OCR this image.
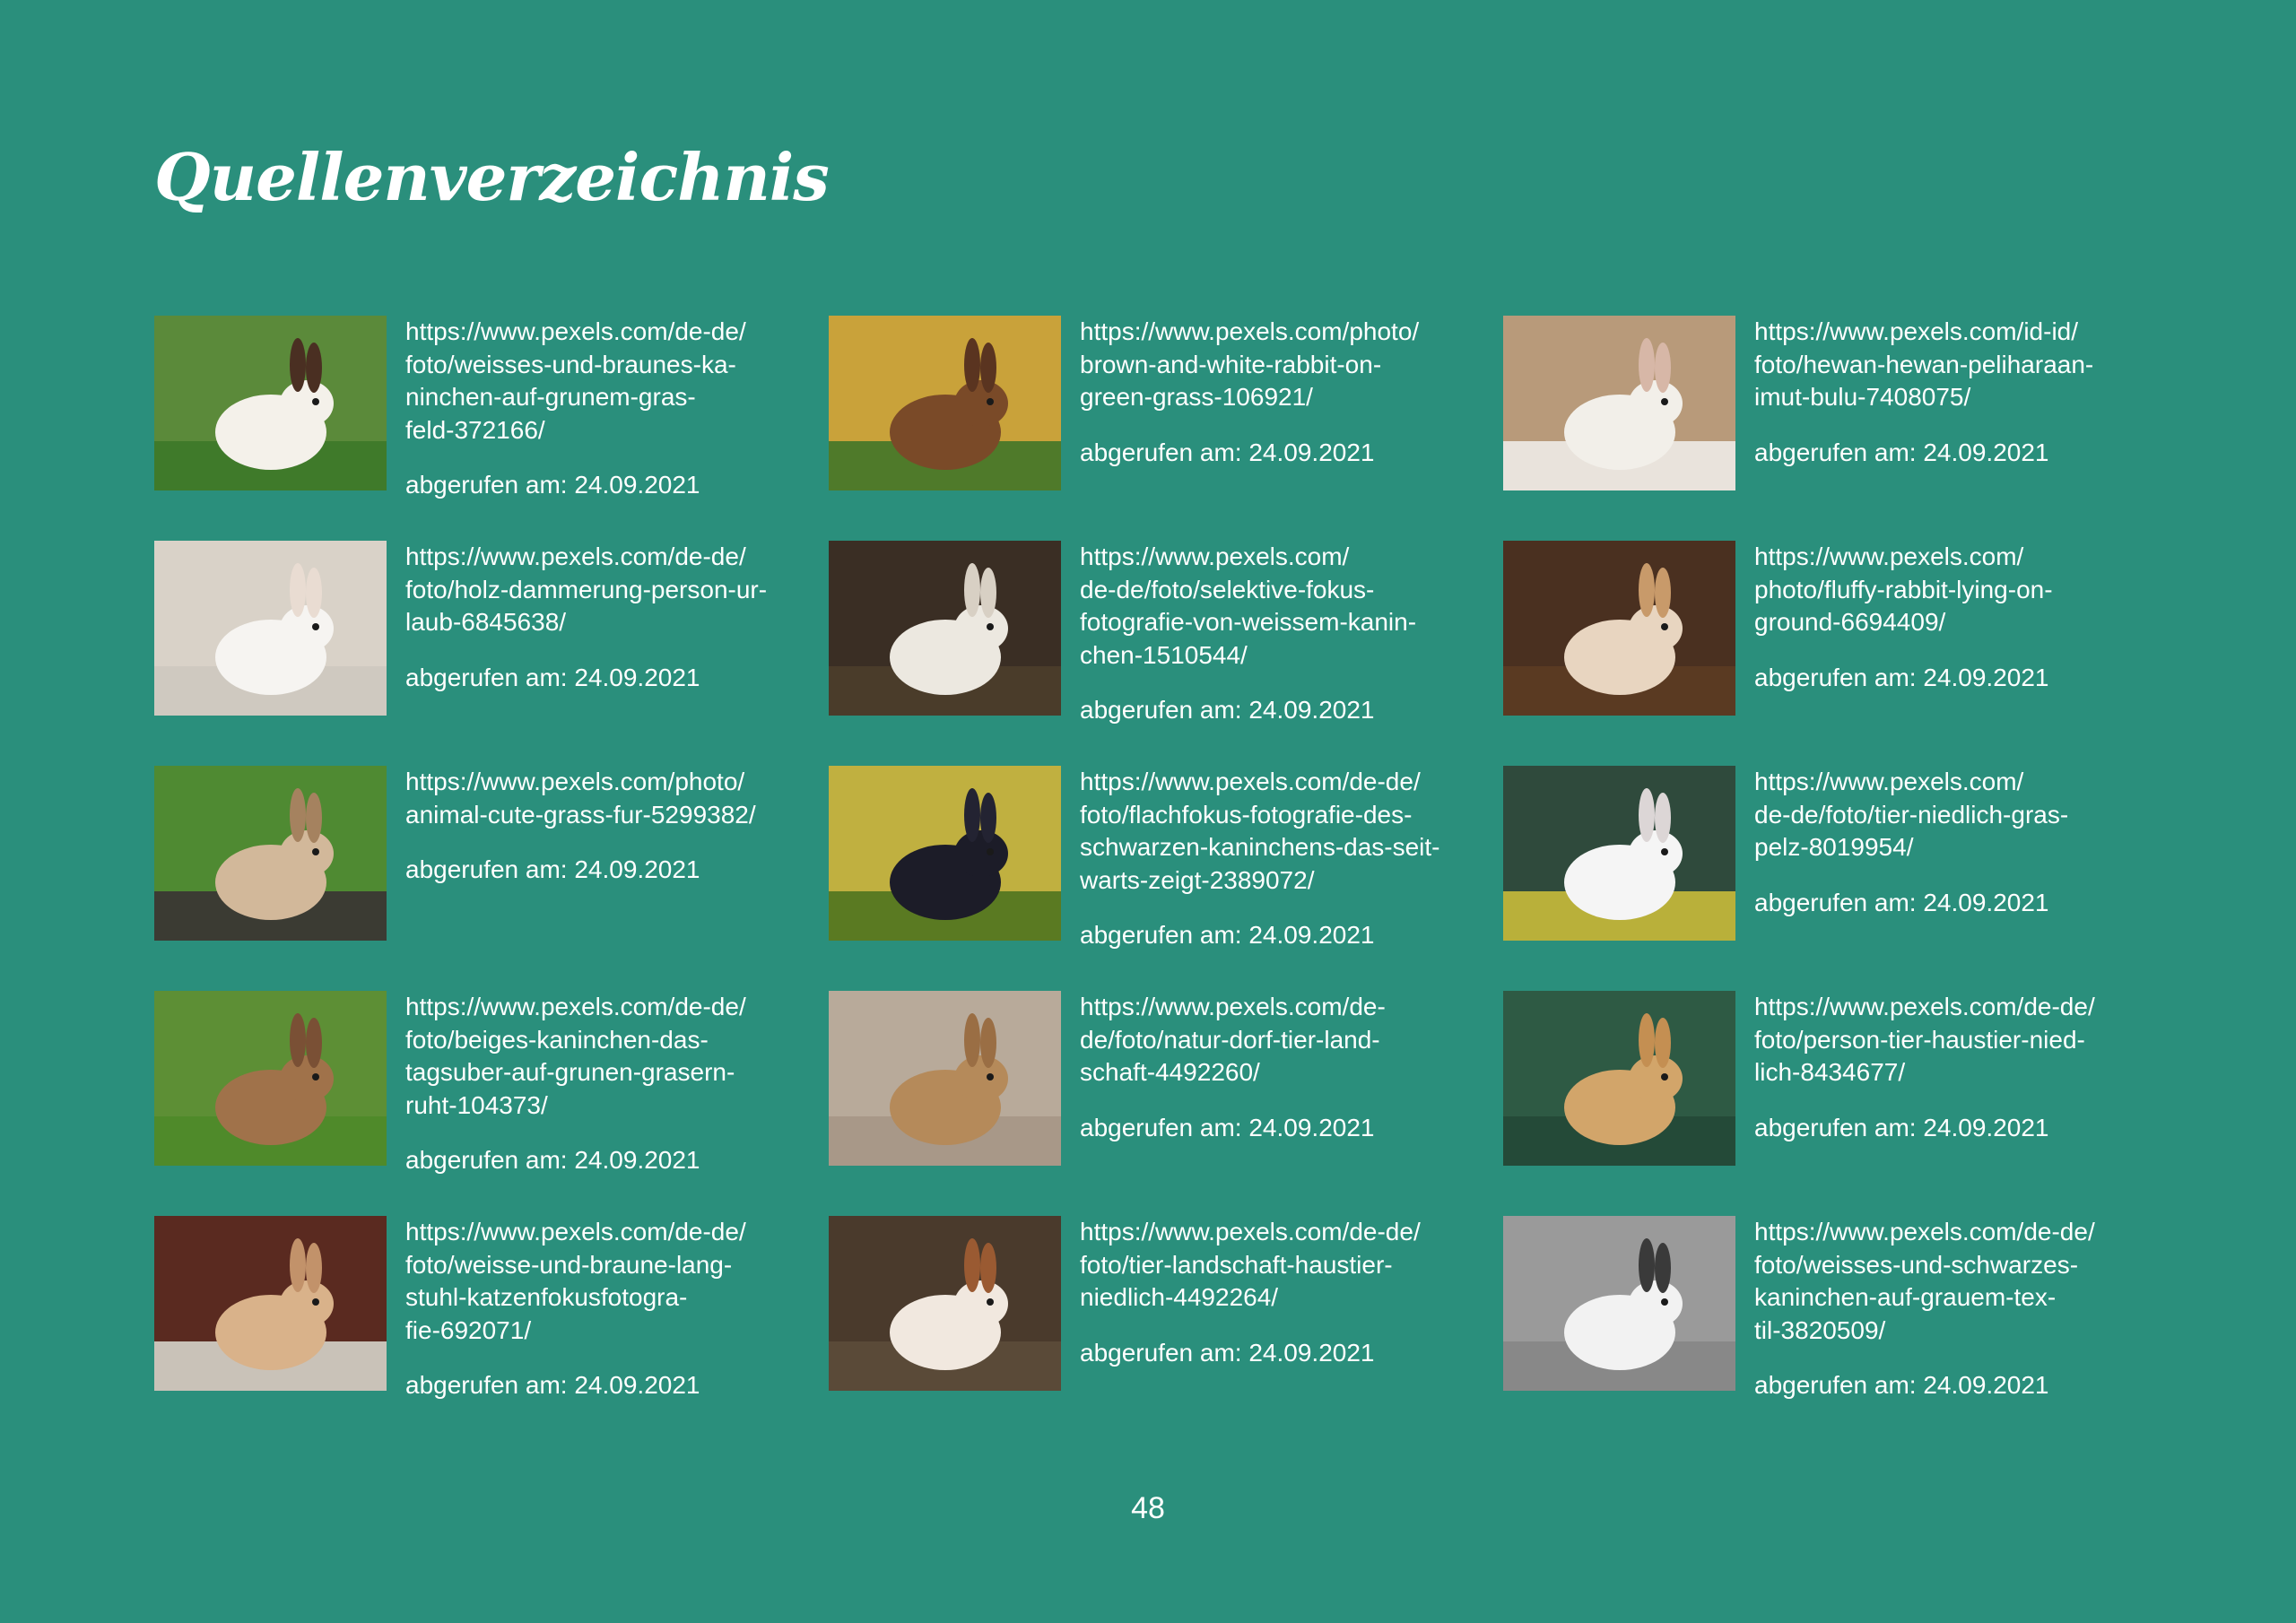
Quellenverzeichnis
https://www.pexels.com/de-de/
foto/weisses-und-braunes-ka-
ninchen-auf-grunem-gras-
feld-372166/
abgerufen am: 24.09.2021
https://www.pexels.com/photo/
brown-and-white-rabbit-on-
green-grass-106921/
abgerufen am: 24.09.2021
https://www.pexels.com/id-id/
foto/hewan-hewan-peliharaan-
imut-bulu-7408075/
abgerufen am: 24.09.2021
https://www.pexels.com/de-de/
foto/holz-dammerung-person-ur-
laub-6845638/
abgerufen am: 24.09.2021
https://www.pexels.com/
de-de/foto/selektive-fokus-
fotografie-von-weissem-kanin-
chen-1510544/
abgerufen am: 24.09.2021
https://www.pexels.com/
photo/fluffy-rabbit-lying-on-
ground-6694409/
abgerufen am: 24.09.2021
https://www.pexels.com/photo/
animal-cute-grass-fur-5299382/
abgerufen am: 24.09.2021
https://www.pexels.com/de-de/
foto/flachfokus-fotografie-des-
schwarzen-kaninchens-das-seit-
warts-zeigt-2389072/
abgerufen am: 24.09.2021
https://www.pexels.com/
de-de/foto/tier-niedlich-gras-
pelz-8019954/
abgerufen am: 24.09.2021
https://www.pexels.com/de-de/
foto/beiges-kaninchen-das-
tagsuber-auf-grunen-grasern-
ruht-104373/
abgerufen am: 24.09.2021
https://www.pexels.com/de-
de/foto/natur-dorf-tier-land-
schaft-4492260/
abgerufen am: 24.09.2021
https://www.pexels.com/de-de/
foto/person-tier-haustier-nied-
lich-8434677/
abgerufen am: 24.09.2021
https://www.pexels.com/de-de/
foto/weisse-und-braune-lang-
stuhl-katzenfokusfotogra-
fie-692071/
abgerufen am: 24.09.2021
https://www.pexels.com/de-de/
foto/tier-landschaft-haustier-
niedlich-4492264/
abgerufen am: 24.09.2021
https://www.pexels.com/de-de/
foto/weisses-und-schwarzes-
kaninchen-auf-grauem-tex-
til-3820509/
abgerufen am: 24.09.2021
48
